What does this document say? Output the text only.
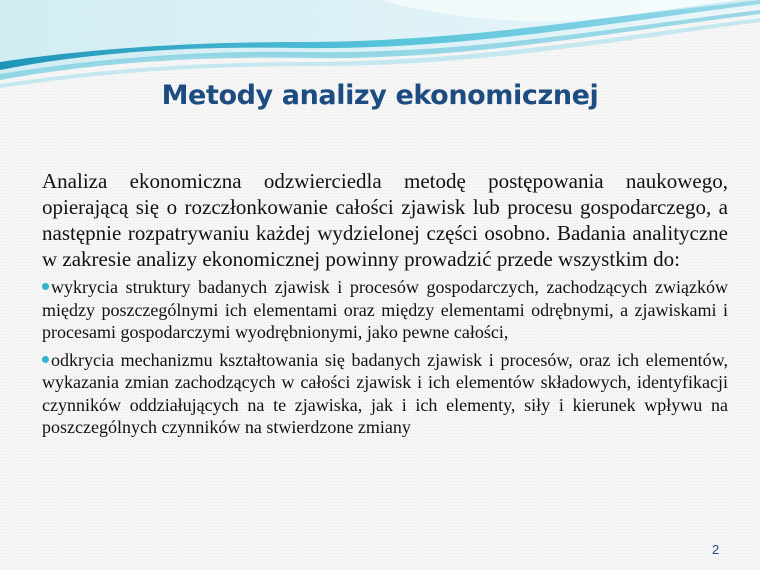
Metody analizy ekonomicznej

Analiza ekonomiczna odzwierciedla metodę postępowania naukowego, opierającą się o rozczłonkowanie całości zjawisk lub procesu gospodarczego, a następnie rozpatrywaniu każdej wydzielonej części osobno. Badania analityczne w zakresie analizy ekonomicznej powinny prowadzić przede wszystkim do:

wykrycia struktury badanych zjawisk i procesów gospodarczych, zachodzących związków między poszczególnymi ich elementami oraz między elementami odrębnymi, a zjawiskami i procesami gospodarczymi wyodrębnionymi, jako pewne całości,

odkrycia mechanizmu kształtowania się badanych zjawisk i procesów, oraz ich elementów, wykazania zmian zachodzących w całości zjawisk i ich elementów składowych, identyfikacji czynników oddziałujących na te zjawiska, jak i ich elementy, siły i kierunek wpływu na poszczególnych czynników na stwierdzone zmiany

2
